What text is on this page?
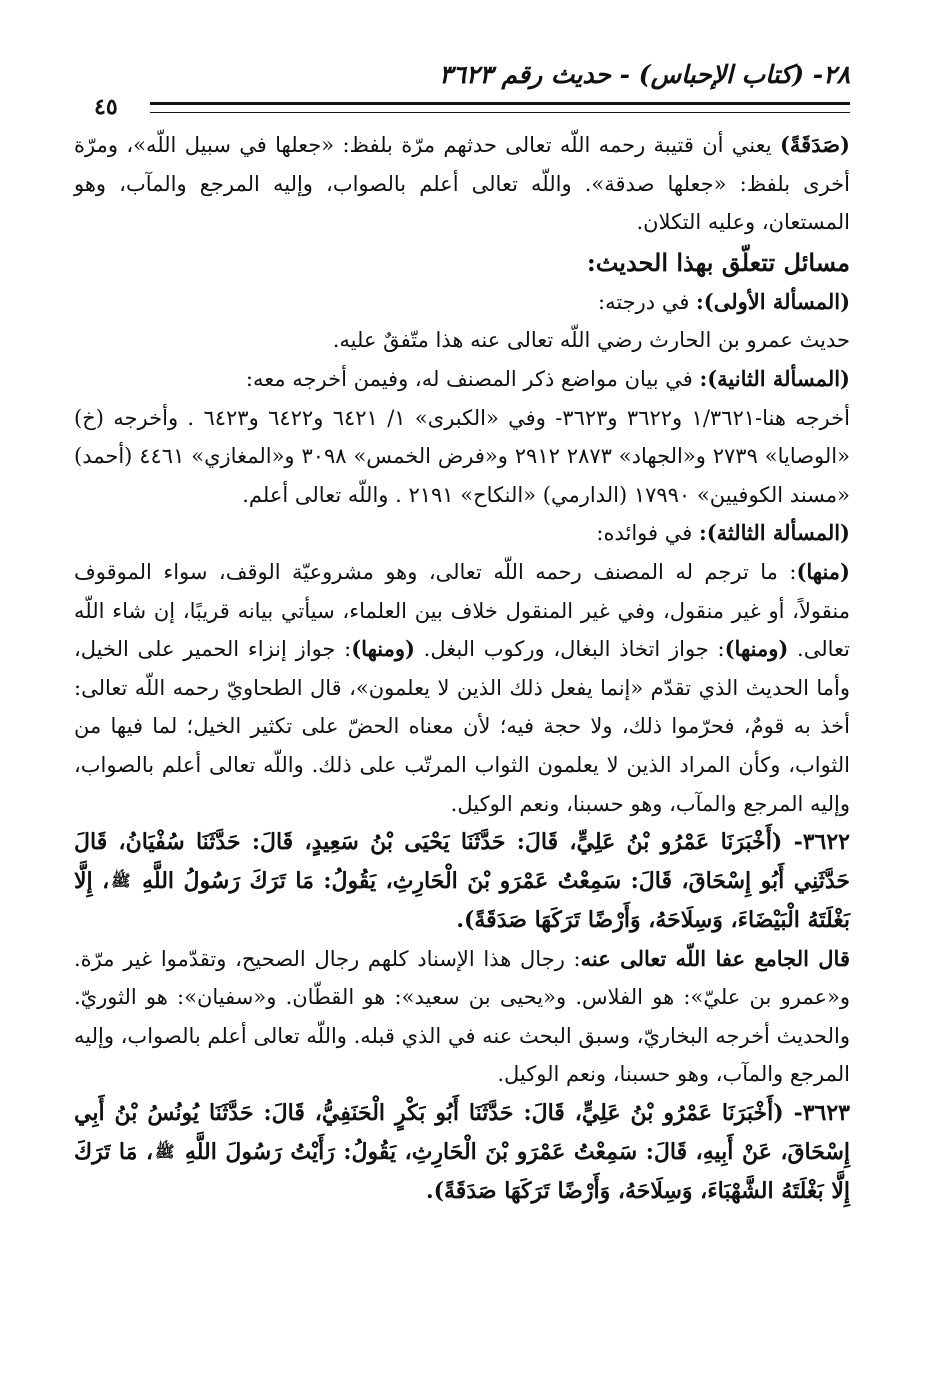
٢٨- (كتاب الإحباس) - حديث رقم ٣٦٢٣
٤٥

(صَدَقَةً) يعني أن قتيبة رحمه اللّه تعالى حدثهم مرّة بلفظ: «جعلها في سبيل اللّه»، ومرّة أخرى بلفظ: «جعلها صدقة». واللّه تعالى أعلم بالصواب، وإليه المرجع والمآب، وهو المستعان، وعليه التكلان.

مسائل تتعلّق بهذا الحديث:

(المسألة الأولى): في درجته:

حديث عمرو بن الحارث رضي اللّه تعالى عنه هذا متّفقٌ عليه.

(المسألة الثانية): في بيان مواضع ذكر المصنف له، وفيمن أخرجه معه:

أخرجه هنا-١/٣٦٢١ و٣٦٢٢ و٣٦٢٣- وفي «الكبرى» ١/ ٦٤٢١ و٦٤٢٢ و٦٤٢٣ . وأخرجه (خ) «الوصايا» ٢٧٣٩ و«الجهاد» ٢٨٧٣ ٢٩١٢ و«فرض الخمس» ٣٠٩٨ و«المغازي» ٤٤٦١ (أحمد) «مسند الكوفيين» ١٧٩٩٠ (الدارمي) «النكاح» ٢١٩١ . واللّه تعالى أعلم.

(المسألة الثالثة): في فوائده:

(منها): ما ترجم له المصنف رحمه اللّه تعالى، وهو مشروعيّة الوقف، سواء الموقوف منقولاً، أو غير منقول، وفي غير المنقول خلاف بين العلماء، سيأتي بيانه قريبًا، إن شاء اللّه تعالى. (ومنها): جواز اتخاذ البغال، وركوب البغل. (ومنها): جواز إنزاء الحمير على الخيل، وأما الحديث الذي تقدّم «إنما يفعل ذلك الذين لا يعلمون»، قال الطحاويّ رحمه اللّه تعالى: أخذ به قومٌ، فحرّموا ذلك، ولا حجة فيه؛ لأن معناه الحضّ على تكثير الخيل؛ لما فيها من الثواب، وكأن المراد الذين لا يعلمون الثواب المرتّب على ذلك. واللّه تعالى أعلم بالصواب، وإليه المرجع والمآب، وهو حسبنا، ونعم الوكيل.

٣٦٢٢- (أَخْبَرَنَا عَمْرُو بْنُ عَلِيٍّ، قَالَ: حَدَّثَنَا يَحْيَى بْنُ سَعِيدٍ، قَالَ: حَدَّثَنَا سُفْيَانُ، قَالَ حَدَّثَنِي أَبُو إِسْحَاقَ، قَالَ: سَمِعْتُ عَمْرَو بْنَ الْحَارِثِ، يَقُولُ: مَا تَرَكَ رَسُولُ اللَّهِ ﷺ، إِلَّا بَغْلَتَهُ الْبَيْضَاءَ، وَسِلَاحَهُ، وَأَرْضًا تَرَكَهَا صَدَقَةً).

قال الجامع عفا اللّه تعالى عنه: رجال هذا الإسناد كلهم رجال الصحيح، وتقدّموا غير مرّة. و«عمرو بن عليّ»: هو الفلاس. و«يحيى بن سعيد»: هو القطّان. و«سفيان»: هو الثوريّ. والحديث أخرجه البخاريّ، وسبق البحث عنه في الذي قبله. واللّه تعالى أعلم بالصواب، وإليه المرجع والمآب، وهو حسبنا، ونعم الوكيل.

٣٦٢٣- (أَخْبَرَنَا عَمْرُو بْنُ عَلِيٍّ، قَالَ: حَدَّثَنَا أَبُو بَكْرٍ الْحَنَفِيُّ، قَالَ: حَدَّثَنَا يُونُسُ بْنُ أَبِي إِسْحَاقَ، عَنْ أَبِيهِ، قَالَ: سَمِعْتُ عَمْرَو بْنَ الْحَارِثِ، يَقُولُ: رَأَيْتُ رَسُولَ اللَّهِ ﷺ، مَا تَرَكَ إِلَّا بَغْلَتَهُ الشَّهْبَاءَ، وَسِلَاحَهُ، وَأَرْضًا تَرَكَهَا صَدَقَةً).
